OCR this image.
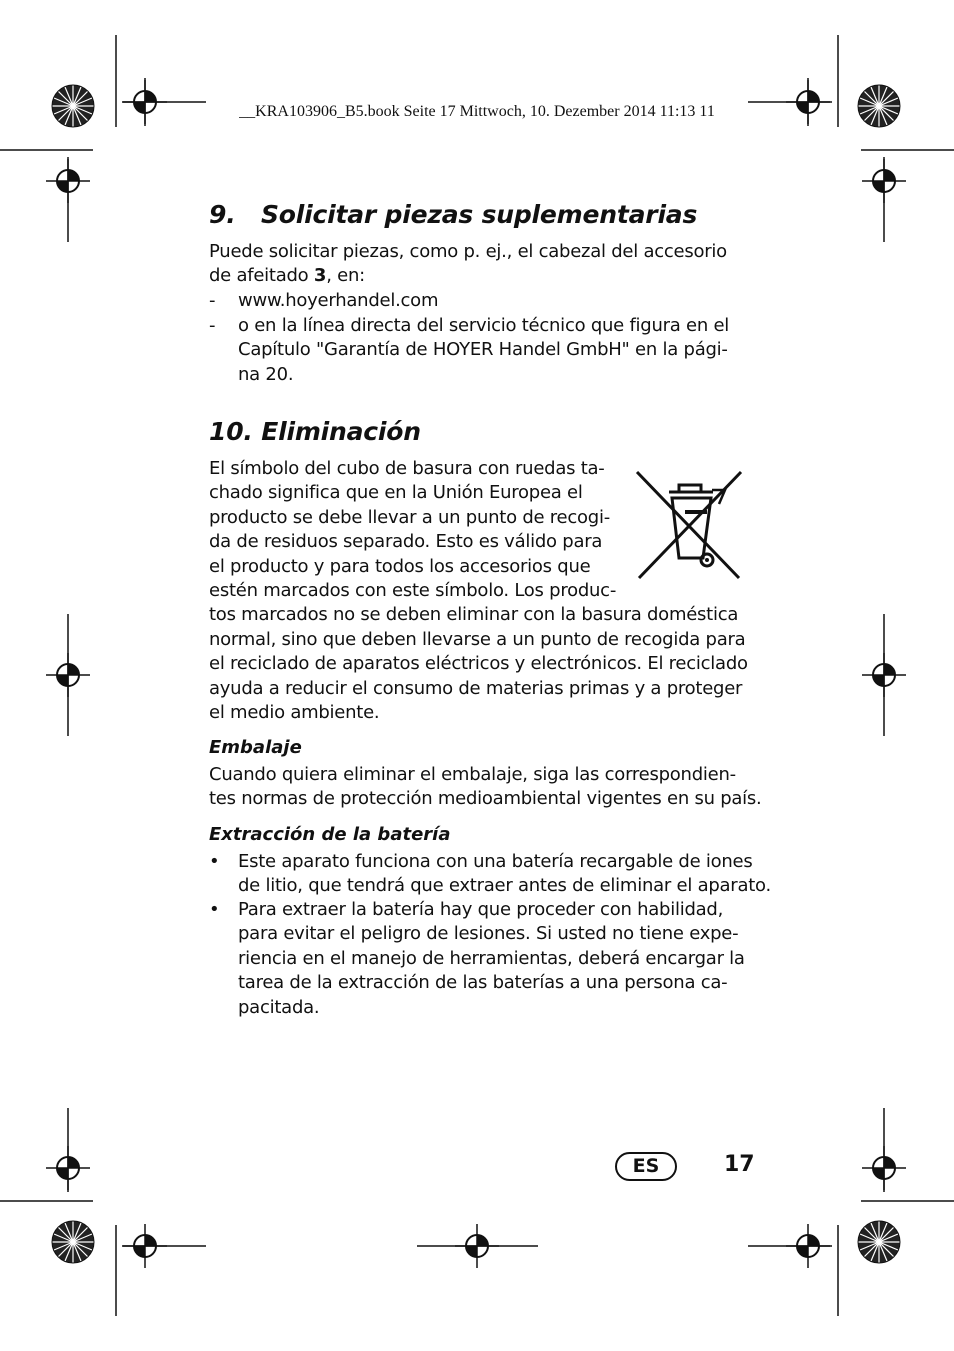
__KRA103906_B5.book Seite 17 Mittwoch, 10. Dezember 2014 11:13 11
9. Solicitar piezas suplementarias
Puede solicitar piezas, como p. ej., el cabezal del accesorio
de afeitado 3, en:
-	www.hoyerhandel.com
-	o en la línea directa del servicio técnico que figura en el
Capítulo "Garantía de HOYER Handel GmbH" en la pági-
na 20.
10. Eliminación
El símbolo del cubo de basura con ruedas ta-
chado significa que en la Unión Europea el
producto se debe llevar a un punto de recogi-
da de residuos separado. Esto es válido para
el producto y para todos los accesorios que
estén marcados con este símbolo. Los produc-
tos marcados no se deben eliminar con la basura doméstica
normal, sino que deben llevarse a un punto de recogida para
el reciclado de aparatos eléctricos y electrónicos. El reciclado
ayuda a reducir el consumo de materias primas y a proteger
el medio ambiente.
Embalaje
Cuando quiera eliminar el embalaje, siga las correspondien-
tes normas de protección medioambiental vigentes en su país.
Extracción de la batería
•	Este aparato funciona con una batería recargable de iones
de litio, que tendrá que extraer antes de eliminar el aparato.
•	Para extraer la batería hay que proceder con habilidad,
para evitar el peligro de lesiones. Si usted no tiene expe-
riencia en el manejo de herramientas, deberá encargar la
tarea de la extracción de las baterías a una persona ca-
pacitada.
ES	17
